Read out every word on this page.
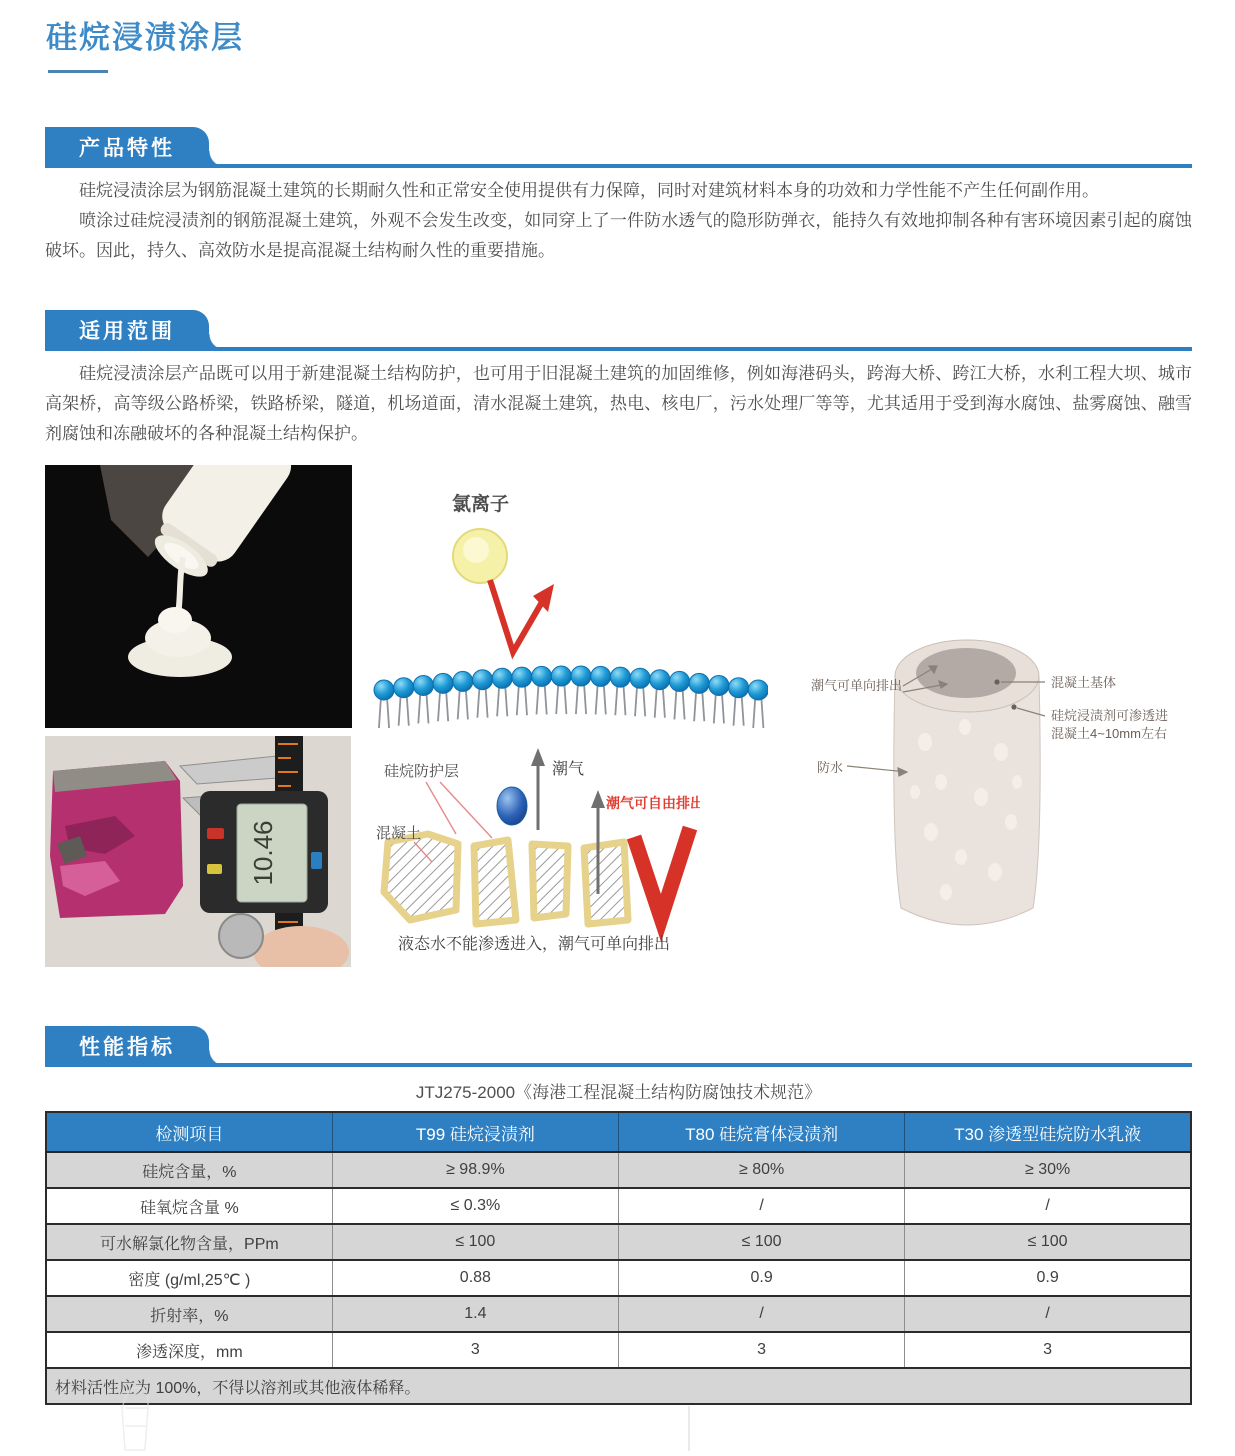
硅烷浸渍涂层
产品特性

硅烷浸渍涂层为钢筋混凝土建筑的长期耐久性和正常安全使用提供有力保障，同时对建筑材料本身的功效和力学性能不产生任何副作用。

喷涂过硅烷浸渍剂的钢筋混凝土建筑，外观不会发生改变，如同穿上了一件防水透气的隐形防弹衣，能持久有效地抑制各种有害环境因素引起的腐蚀破坏。因此，持久、高效防水是提高混凝土结构耐久性的重要措施。

适用范围

硅烷浸渍涂层产品既可以用于新建混凝土结构防护，也可用于旧混凝土建筑的加固维修，例如海港码头，跨海大桥、跨江大桥，水利工程大坝、城市高架桥，高等级公路桥梁，铁路桥梁，隧道，机场道面，清水混凝土建筑，热电、核电厂，污水处理厂等等，尤其适用于受到海水腐蚀、盐雾腐蚀、融雪剂腐蚀和冻融破坏的各种混凝土结构保护。

氯离子
潮气可单向排出	混凝土基体
硅烷浸渍剂可渗透进
混凝土4~10mm左右
防水
10.46
硅烷防护层
混凝土
潮气
潮气可自由排出
液态水不能渗透进入，潮气可单向排出
性能指标
JTJ275-2000《海港工程混凝土结构防腐蚀技术规范》
检测项目	T99 硅烷浸渍剂	T80 硅烷膏体浸渍剂	T30 渗透型硅烷防水乳液
硅烷含量，%	≥ 98.9%	≥ 80%	≥ 30%
硅氧烷含量 %	≤ 0.3%	/	/
可水解氯化物含量，PPm	≤ 100	≤ 100	≤ 100
密度 (g/ml,25℃ )	0.88	0.9	0.9
折射率，%	1.4	/	/
渗透深度，mm	3	3	3
材料活性应为 100%，不得以溶剂或其他液体稀释。			
